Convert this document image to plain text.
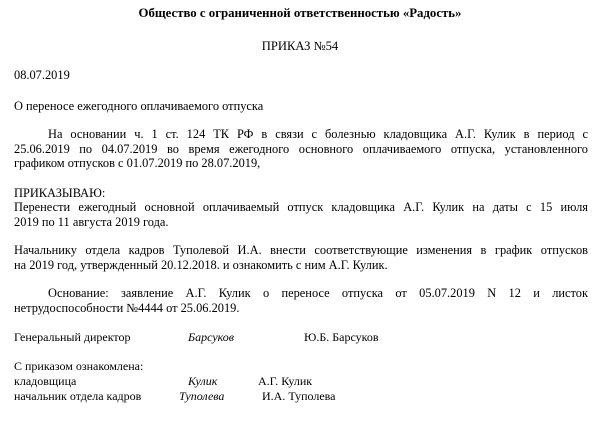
Общество с ограниченной ответственностью «Радость»
ПРИКАЗ №54
08.07.2019
О переносе ежегодного оплачиваемого отпуска
На основании ч. 1 ст. 124 ТК РФ в связи с болезнью кладовщика А.Г. Кулик в период с
25.06.2019 по 04.07.2019 во время ежегодного основного оплачиваемого отпуска, установленного
графиком отпусков с 01.07.2019 по 28.07.2019,
ПРИКАЗЫВАЮ:
Перенести ежегодный основной оплачиваемый отпуск кладовщика А.Г. Кулик на даты с 15 июля
2019 по 11 августа 2019 года.
Начальнику отдела кадров Туполевой И.А. внести соответствующие изменения в график отпусков
на 2019 год, утвержденный 20.12.2018. и ознакомить с ним А.Г. Кулик.
Основание: заявление А.Г. Кулик о переносе отпуска от 05.07.2019 N 12 и листок
нетрудоспособности №4444 от 25.06.2019.
Генеральный директор	Барсуков	Ю.Б. Барсуков
С приказом ознакомлена:
кладовщица	Кулик	А.Г. Кулик
начальник отдела кадров	Туполева	И.А. Туполева
